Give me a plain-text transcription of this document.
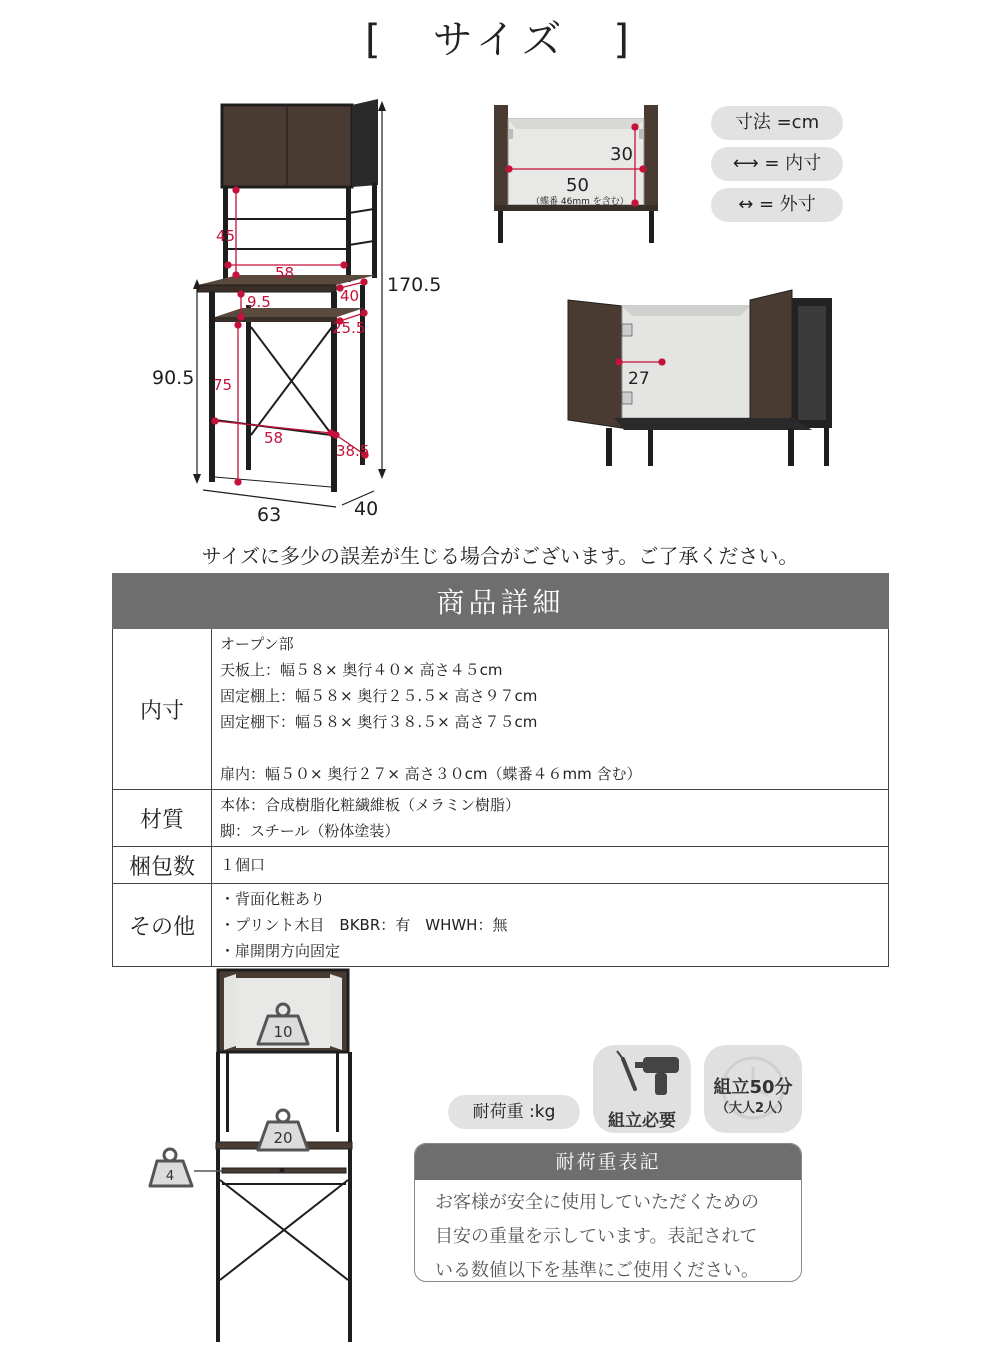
[　サイズ　]
45
58
40
9.5
25.5
75
58
38.5
170.5
90.5
63	40
30
50
（蝶番 46mm を含む）
寸法 =cm
⟷ = 内寸
↔ = 外寸
27
サイズに多少の誤差が生じる場合がございます。ご了承ください。
商品詳細	
内寸	オープン部
天板上：幅５８× 奥行４０× 高さ４５cm
固定棚上：幅５８× 奥行２５.５× 高さ９７cm
固定棚下：幅５８× 奥行３８.５× 高さ７５cm
扉内：幅５０× 奥行２７× 高さ３０cm（蝶番４６mm 含む）

材質	本体：合成樹脂化粧繊維板（メラミン樹脂）
脚：スチール（粉体塗装）

梱包数	１個口

その他	・背面化粧あり
・プリント木目　BKBR：有　WHWH：無
・扉開閉方向固定
10
20
4
耐荷重 :kg	組立必要
組立50分
（大人2人）
耐荷重表記
お客様が安全に使用していただくための
目安の重量を示しています。表記されて
いる数値以下を基準にご使用ください。
